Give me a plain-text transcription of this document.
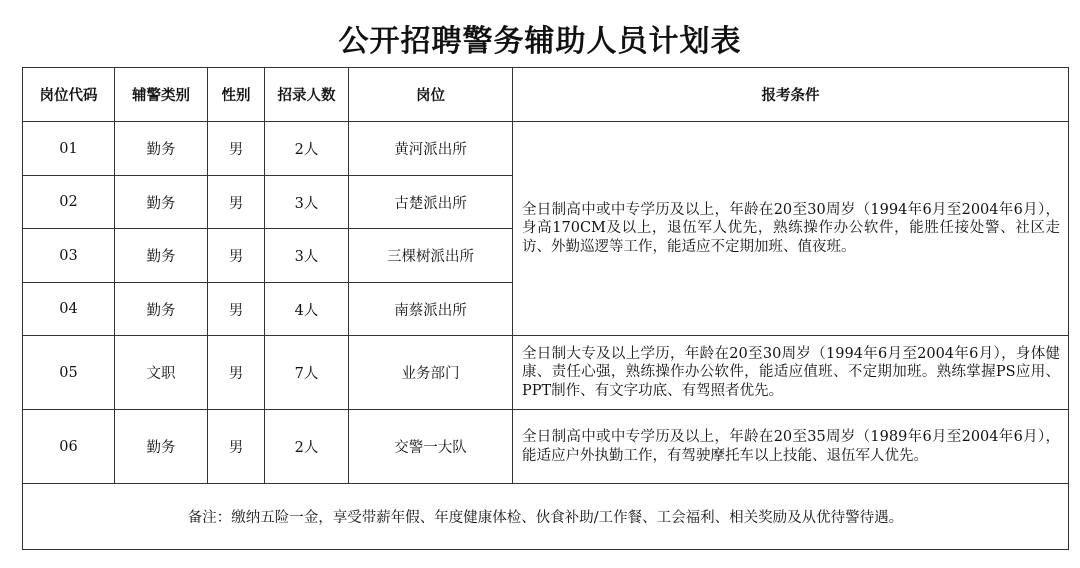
公开招聘警务辅助人员计划表
岗位代码	辅警类别	性别	招录人数	岗位	报考条件
01	勤务	男	2人	黄河派出所	全日制高中或中专学历及以上，年龄在20至30周岁（1994年6月至2004年6月），身高170CM及以上，退伍军人优先，熟练操作办公软件，能胜任接处警、社区走访、外勤巡逻等工作，能适应不定期加班、值夜班。
02	勤务	男	3人	古楚派出所	
03	勤务	男	3人	三棵树派出所	
04	勤务	男	4人	南蔡派出所	
05	文职	男	7人	业务部门	全日制大专及以上学历，年龄在20至30周岁（1994年6月至2004年6月），身体健康、责任心强，熟练操作办公软件，能适应值班、不定期加班。熟练掌握PS应用、PPT制作、有文字功底、有驾照者优先。
06	勤务	男	2人	交警一大队	全日制高中或中专学历及以上，年龄在20至35周岁（1989年6月至2004年6月），能适应户外执勤工作，有驾驶摩托车以上技能、退伍军人优先。
备注：缴纳五险一金，享受带薪年假、年度健康体检、伙食补助/工作餐、工会福利、相关奖励及从优待警待遇。					
